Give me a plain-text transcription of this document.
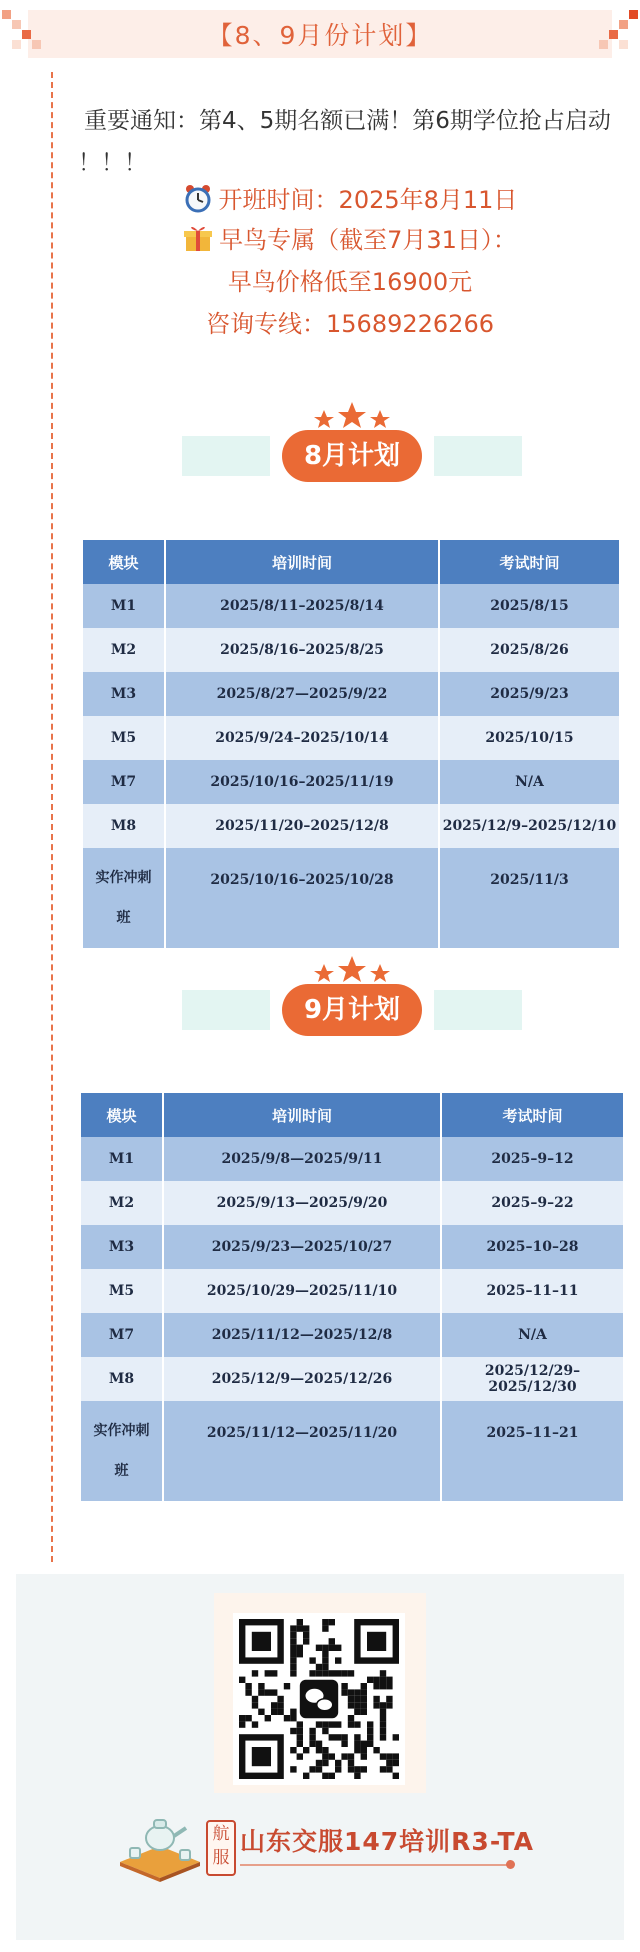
【8、9月份计划】
重要通知：第4、5期名额已满！第6期学位抢占启动 ！！！
开班时间：2025年8月11日
早鸟专属（截至7月31日）：
早鸟价格低至16900元
咨询专线：15689226266
8月计划
模块	培训时间	考试时间
M1	2025/8/11–2025/8/14	2025/8/15
M2	2025/8/16–2025/8/25	2025/8/26
M3	2025/8/27—2025/9/22	2025/9/23
M5	2025/9/24–2025/10/14	2025/10/15
M7	2025/10/16–2025/11/19	N/A
M8	2025/11/20–2025/12/8	2025/12/9–2025/12/10
实作冲刺班	2025/10/16–2025/10/28	2025/11/3
9月计划
模块	培训时间	考试时间
M1	2025/9/8—2025/9/11	2025–9–12
M2	2025/9/13—2025/9/20	2025–9–22
M3	2025/9/23—2025/10/27	2025–10–28
M5	2025/10/29—2025/11/10	2025–11–11
M7	2025/11/12—2025/12/8	N/A
M8	2025/12/9—2025/12/26	2025/12/29–2025/12/30
实作冲刺班	2025/11/12—2025/11/20	2025–11–21
航服
山东交服147培训R3-TA
